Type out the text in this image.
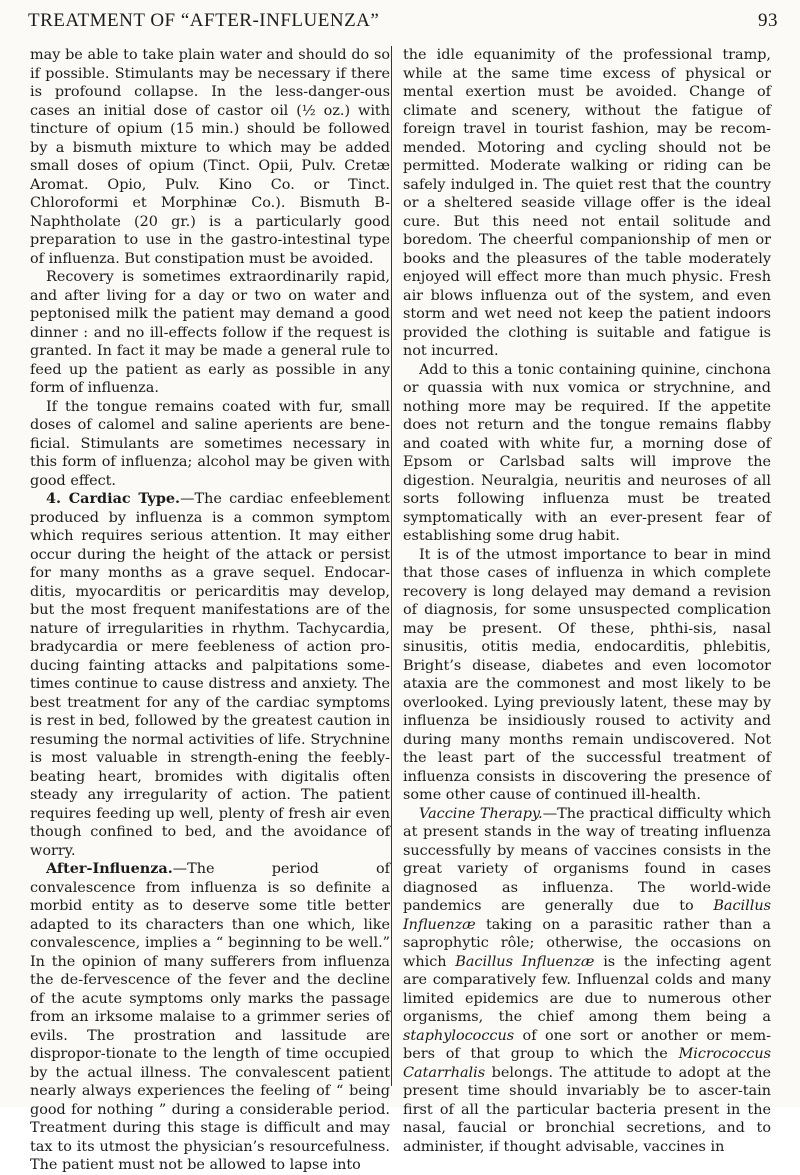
TREATMENT OF “AFTER-INFLUENZA”	93

may be able to take plain water and should do so if possible. Stimulants may be necessary if there is profound collapse. In the less-danger-ous cases an initial dose of castor oil (½ oz.) with tincture of opium (15 min.) should be followed by a bismuth mixture to which may be added small doses of opium (Tinct. Opii, Pulv. Cretæ Aromat. Opio, Pulv. Kino Co. or Tinct. Chloroformi et Morphinæ Co.). Bismuth B-Naphtholate (20 gr.) is a particularly good preparation to use in the gastro-intestinal type of influenza. But constipation must be avoided.

Recovery is sometimes extraordinarily rapid, and after living for a day or two on water and peptonised milk the patient may demand a good dinner : and no ill-effects follow if the request is granted. In fact it may be made a general rule to feed up the patient as early as possible in any form of influenza.

If the tongue remains coated with fur, small doses of calomel and saline aperients are bene-ficial. Stimulants are sometimes necessary in this form of influenza; alcohol may be given with good effect.

4. Cardiac Type.—The cardiac enfeeblement produced by influenza is a common symptom which requires serious attention. It may either occur during the height of the attack or persist for many months as a grave sequel. Endocar-ditis, myocarditis or pericarditis may develop, but the most frequent manifestations are of the nature of irregularities in rhythm. Tachycardia, bradycardia or mere feebleness of action pro-ducing fainting attacks and palpitations some-times continue to cause distress and anxiety. The best treatment for any of the cardiac symptoms is rest in bed, followed by the greatest caution in resuming the normal activities of life. Strychnine is most valuable in strength-ening the feebly-beating heart, bromides with digitalis often steady any irregularity of action. The patient requires feeding up well, plenty of fresh air even though confined to bed, and the avoidance of worry.

After-Influenza.—The period of convalescence from influenza is so definite a morbid entity as to deserve some title better adapted to its characters than one which, like convalescence, implies a “ beginning to be well.” In the opinion of many sufferers from influenza the de-fervescence of the fever and the decline of the acute symptoms only marks the passage from an irksome malaise to a grimmer series of evils. The prostration and lassitude are dispropor-tionate to the length of time occupied by the actual illness. The convalescent patient nearly always experiences the feeling of “ being good for nothing ” during a considerable period. Treatment during this stage is difficult and may tax to its utmost the physician’s resourcefulness. The patient must not be allowed to lapse into

the idle equanimity of the professional tramp, while at the same time excess of physical or mental exertion must be avoided. Change of climate and scenery, without the fatigue of foreign travel in tourist fashion, may be recom-mended. Motoring and cycling should not be permitted. Moderate walking or riding can be safely indulged in. The quiet rest that the country or a sheltered seaside village offer is the ideal cure. But this need not entail solitude and boredom. The cheerful companionship of men or books and the pleasures of the table moderately enjoyed will effect more than much physic. Fresh air blows influenza out of the system, and even storm and wet need not keep the patient indoors provided the clothing is suitable and fatigue is not incurred.

Add to this a tonic containing quinine, cinchona or quassia with nux vomica or strychnine, and nothing more may be required. If the appetite does not return and the tongue remains flabby and coated with white fur, a morning dose of Epsom or Carlsbad salts will improve the digestion. Neuralgia, neuritis and neuroses of all sorts following influenza must be treated symptomatically with an ever-present fear of establishing some drug habit.

It is of the utmost importance to bear in mind that those cases of influenza in which complete recovery is long delayed may demand a revision of diagnosis, for some unsuspected complication may be present. Of these, phthi-sis, nasal sinusitis, otitis media, endocarditis, phlebitis, Bright’s disease, diabetes and even locomotor ataxia are the commonest and most likely to be overlooked. Lying previously latent, these may by influenza be insidiously roused to activity and during many months remain undiscovered. Not the least part of the successful treatment of influenza consists in discovering the presence of some other cause of continued ill-health.

Vaccine Therapy.—The practical difficulty which at present stands in the way of treating influenza successfully by means of vaccines consists in the great variety of organisms found in cases diagnosed as influenza. The world-wide pandemics are generally due to Bacillus Influenzæ taking on a parasitic rather than a saprophytic rôle; otherwise, the occasions on which Bacillus Influenzæ is the infecting agent are comparatively few. Influenzal colds and many limited epidemics are due to numerous other organisms, the chief among them being a staphylococcus of one sort or another or mem-bers of that group to which the Micrococcus Catarrhalis belongs. The attitude to adopt at the present time should invariably be to ascer-tain first of all the particular bacteria present in the nasal, faucial or bronchial secretions, and to administer, if thought advisable, vaccines in
